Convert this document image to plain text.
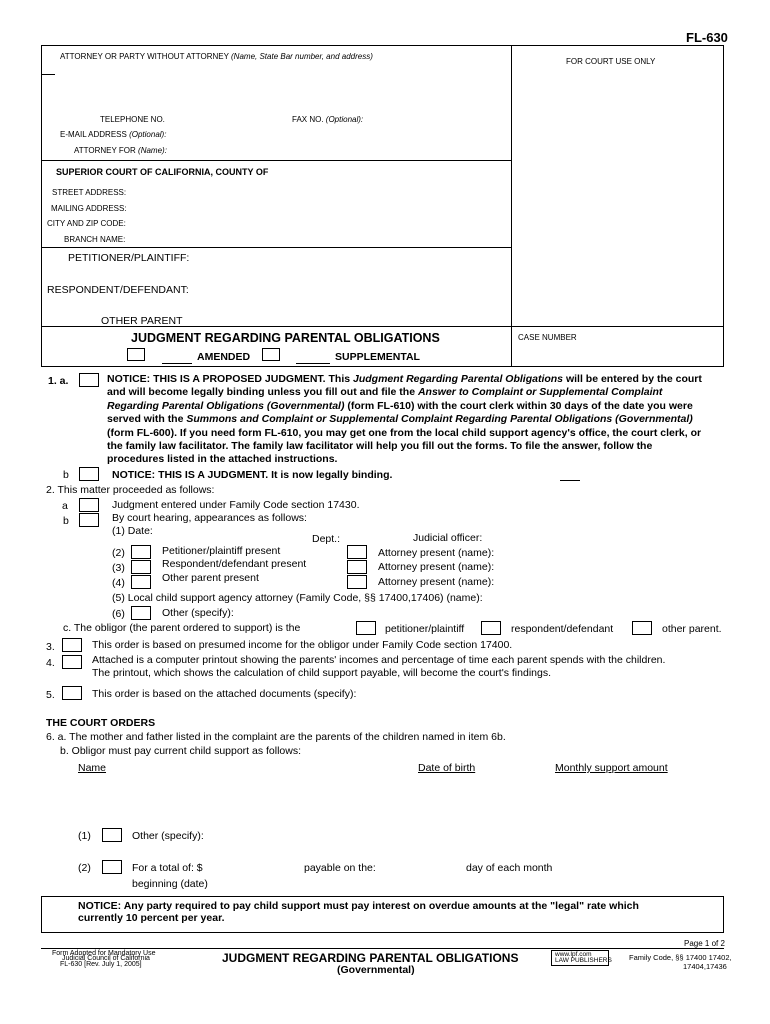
FL-630
ATTORNEY OR PARTY WITHOUT ATTORNEY (Name, State Bar number, and address)
FOR COURT USE ONLY
TELEPHONE NO.	FAX NO. (Optional):
E-MAIL ADDRESS (Optional):
ATTORNEY FOR (Name):
SUPERIOR COURT OF CALIFORNIA, COUNTY OF
STREET ADDRESS:
MAILING ADDRESS:
CITY AND ZIP CODE:
BRANCH NAME:
PETITIONER/PLAINTIFF:
RESPONDENT/DEFENDANT:
OTHER PARENT
JUDGMENT REGARDING PARENTAL OBLIGATIONS
AMENDED	SUPPLEMENTAL
CASE NUMBER
1. a.	NOTICE: THIS IS A PROPOSED JUDGMENT. This Judgment Regarding Parental Obligations will be entered by the court
and will become legally binding unless you fill out and file the Answer to Complaint or Supplemental Complaint
Regarding Parental Obligations (Governmental) (form FL-610) with the court clerk within 30 days of the date you were
served with the Summons and Complaint or Supplemental Complaint Regarding Parental Obligations (Governmental)
(form FL-600). If you need form FL-610, you may get one from the local child support agency's office, the court clerk, or
the family law facilitator. The family law facilitator will help you fill out the forms. To file the answer, follow the
procedures listed in the attached instructions.
b	NOTICE: THIS IS A JUDGMENT. It is now legally binding.
2. This matter proceeded as follows:
a	Judgment entered under Family Code section 17430.
b	By court hearing, appearances as follows:
(1) Date:
Dept.:	Judicial officer:
(2)	Petitioner/plaintiff present	Attorney present (name):
(3)	Respondent/defendant present	Attorney present (name):
(4)	Other parent present	Attorney present (name):
(5) Local child support agency attorney (Family Code, §§ 17400,17406) (name):
(6)	Other (specify):
c. The obligor (the parent ordered to support) is the	petitioner/plaintiff	respondent/defendant	other parent.
3.	This order is based on presumed income for the obligor under Family Code section 17400.
4.	Attached is a computer printout showing the parents' incomes and percentage of time each parent spends with the children.
The printout, which shows the calculation of child support payable, will become the court's findings.
5.	This order is based on the attached documents (specify):
THE COURT ORDERS
6. a. The mother and father listed in the complaint are the parents of the children named in item 6b.
b. Obligor must pay current child support as follows:
Name	Date of birth	Monthly support amount
(1)	Other (specify):
(2)	For a total of: $	payable on the:	day of each month
beginning (date)
NOTICE: Any party required to pay child support must pay interest on overdue amounts at the "legal" rate which
currently 10 percent per year.
Page 1 of 2
Form Adopted for Mandatory Use
Judicial Council of California
FL-630 [Rev. July 1, 2005]	JUDGMENT REGARDING PARENTAL OBLIGATIONS
(Governmental)
www.lpf.com
LAW PUBLISHERS Family Code, §§ 17400 17402,
17404,17436
